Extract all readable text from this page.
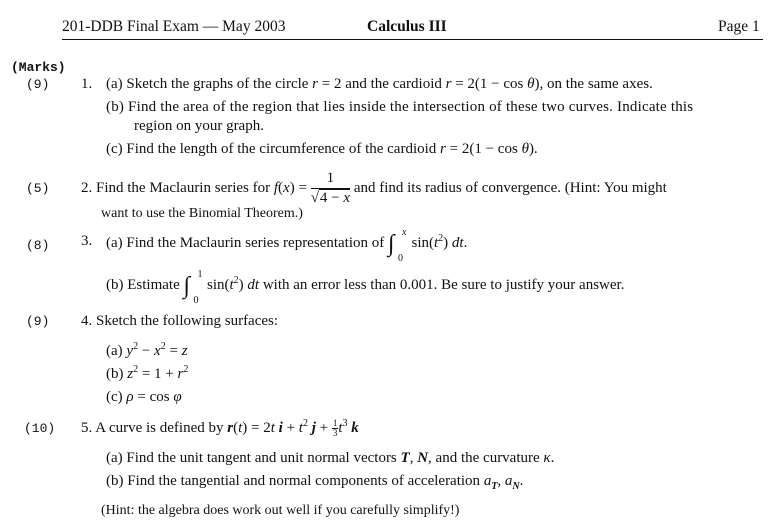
201-DDB Final Exam — May 2003	Calculus III	Page 1
(Marks)
(9) 1. (a) Sketch the graphs of the circle r = 2 and the cardioid r = 2(1 − cos θ), on the same axes.
(b) Find the area of the region that lies inside the intersection of these two curves. Indicate this
region on your graph.
(c) Find the length of the circumference of the cardioid r = 2(1 − cos θ).
(5) 2. Find the Maclaurin series for $f(x) = \frac{1}{√4 - x}$ and find its radius of convergence. (Hint: You might
want to use the Binomial Theorem.)
(8) 3. (a) Find the Maclaurin series representation of ∫ x
0
$\sin(t^2)$ dt.
(b) Estimate ∫ 1
0
$\sin(t^2)$ dt with an error less than 0.001. Be sure to justify your answer.
(9) 4. Sketch the following surfaces:
(a) $y^2 - x^2 = z$
(b) $z^2 = 1 + r^2$
(c) ρ = cos φ
(10) 5. A curve is defined by r(t) = 2t $i + t^2$ $j + \frac{1}{3} t^3$ k
(a) Find the unit tangent and unit normal vectors T, N, and the curvature κ.
(b) Find the tangential and normal components of acceleration $a_T$, $a_N$.
(Hint: the algebra does work out well if you carefully simplify!)
